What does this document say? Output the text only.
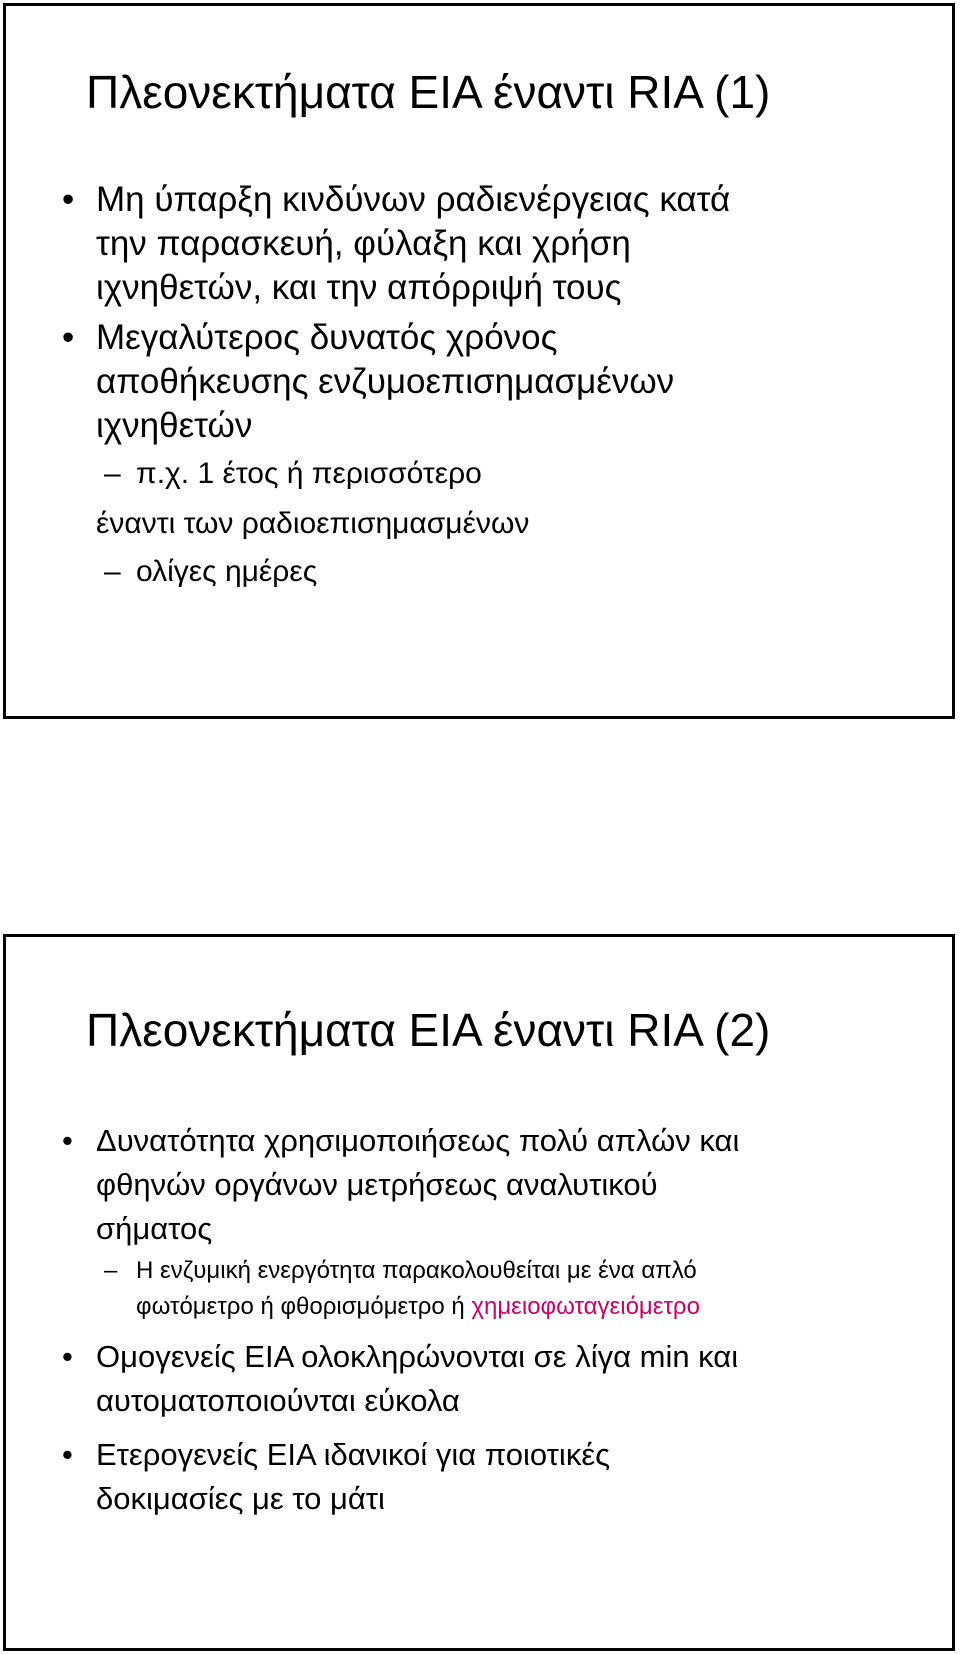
Πλεονεκτήματα EIA έναντι RIA (1)
• Μη ύπαρξη κινδύνων ραδιενέργειας κατά
την παρασκευή, φύλαξη και χρήση
ιχνηθετών, και την απόρριψή τους
• Μεγαλύτερος δυνατός χρόνος
αποθήκευσης ενζυμοεπισημασμένων
ιχνηθετών
– π.χ. 1 έτος ή περισσότερο
έναντι των ραδιοεπισημασμένων
– ολίγες ημέρες
Πλεονεκτήματα EIA έναντι RIA (2)
• Δυνατότητα χρησιμοποιήσεως πολύ απλών και
φθηνών οργάνων μετρήσεως αναλυτικού
σήματος
– Η ενζυμική ενεργότητα παρακολουθείται με ένα απλό
φωτόμετρο ή φθορισμόμετρο ή χημειοφωταγειόμετρο
• Ομογενείς EIA ολοκληρώνονται σε λίγα min και
αυτοματοποιούνται εύκολα
• Ετερογενείς EIA ιδανικοί για ποιοτικές
δοκιμασίες με το μάτι
